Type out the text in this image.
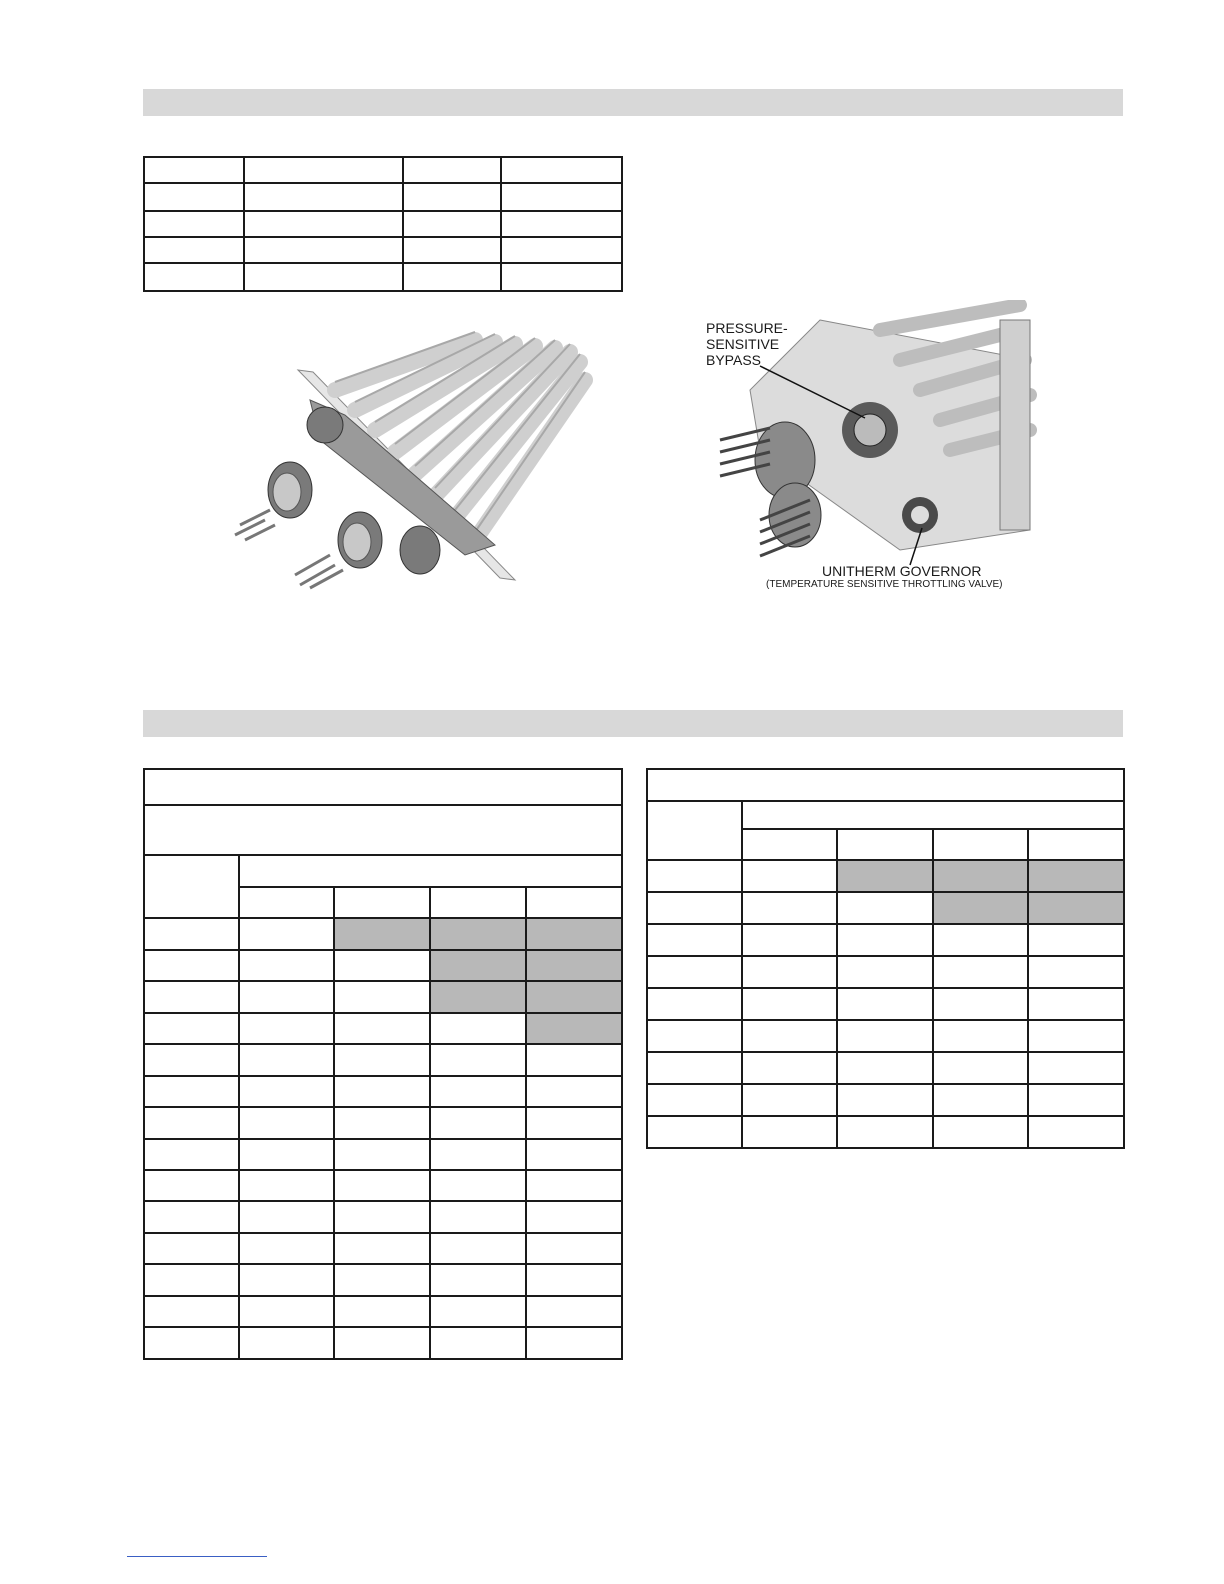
PRESSURE-
SENSITIVE
BYPASS
UNITHERM GOVERNOR
(TEMPERATURE SENSITIVE THROTTLING VALVE)
